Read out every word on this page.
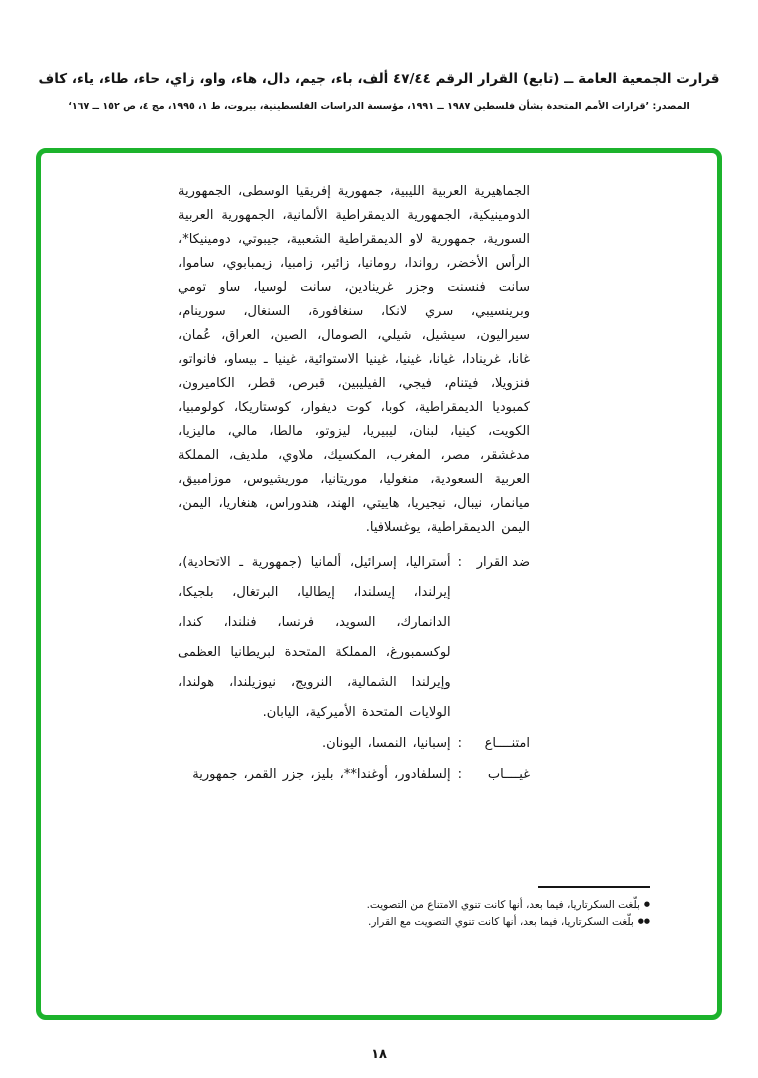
قرارت الجمعية العامة ــ (تابع) القرار الرقم ٤٧/٤٤ ألف، باء، جيم، دال، هاء، واو، زاي، حاء، طاء، ياء، كاف
المصدر: ’قرارات الأمم المتحدة بشأن فلسطين ١٩٨٧ ــ ١٩٩١، مؤسسة الدراسات الفلسطينية، بيروت، ط ١، ١٩٩٥، مج ٤، ص ١٥٢ ــ ١٦٧‘
الجماهيرية العربية الليبية، جمهورية إفريقيا الوسطى، الجمهورية الدومينيكية، الجمهورية الديمقراطية الألمانية، الجمهورية العربية السورية، جمهورية لاو الديمقراطية الشعبية، جيبوتي، دومينيكا*، الرأس الأخضر، رواندا، رومانيا، زائير، زامبيا، زيمبابوي، ساموا، سانت فنسنت وجزر غرينادين، سانت لوسيا، ساو تومي وبرينسيبي، سري لانكا، سنغافورة، السنغال، سورينام، سيراليون، سيشيل، شيلي، الصومال، الصين، العراق، عُمان، غانا، غرينادا، غيانا، غينيا، غينيا الاستوائية، غينيا ـ بيساو، فانواتو، فنزويلا، فيتنام، فيجي، الفيليبين، قبرص، قطر، الكاميرون، كمبوديا الديمقراطية، كوبا، كوت ديفوار، كوستاريكا، كولومبيا، الكويت، كينيا، لبنان، ليبيريا، ليزوتو، مالطا، مالي، ماليزيا، مدغشقر، مصر، المغرب، المكسيك، ملاوي، ملديف، المملكة العربية السعودية، منغوليا، موريتانيا، موريشيوس، موزامبيق، ميانمار، نيبال، نيجيريا، هاييتي، الهند، هندوراس، هنغاريا، اليمن، اليمن الديمقراطية، يوغسلافيا.
ضد القرار
:
أستراليا، إسرائيل، ألمانيا (جمهورية ـ الاتحادية)، إيرلندا، إيسلندا، إيطاليا، البرتغال، بلجيكا، الدانمارك، السويد، فرنسا، فنلندا، كندا، لوكسمبورغ، المملكة المتحدة لبريطانيا العظمى وإيرلندا الشمالية، النرويج، نيوزيلندا، هولندا، الولايات المتحدة الأميركية، اليابان.
امتنــــاع
:
إسبانيا، النمسا، اليونان.
غيــــاب
:
إلسلفادور، أوغندا**، بليز، جزر القمر، جمهورية
●بلّغت السكرتاريا، فيما بعد، أنها كانت تنوي الامتناع من التصويت.
●●بلّغت السكرتاريا، فيما بعد، أنها كانت تنوي التصويت مع القرار.
١٨
